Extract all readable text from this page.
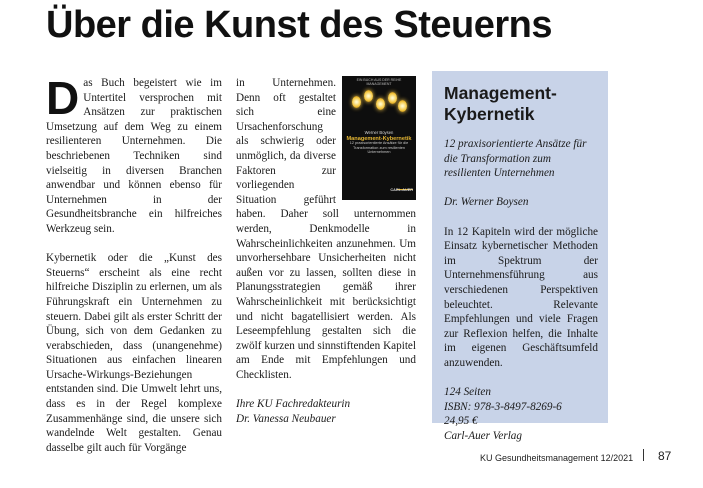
Über die Kunst des Steuerns

Das Buch begeistert wie im Untertitel versprochen mit Ansätzen zur praktischen Umsetzung auf dem Weg zu einem resilienteren Unternehmen. Die beschriebenen Techniken sind vielseitig in diversen Branchen anwendbar und können ebenso für Unternehmen in der Gesundheitsbranche ein hilfreiches Werkzeug sein.

Kybernetik oder die „Kunst des Steuerns“ erscheint als eine recht hilfreiche Disziplin zu erlernen, um als Führungskraft ein Unternehmen zu steuern. Dabei gilt als erster Schritt der Übung, sich von dem Gedanken zu verabschieden, dass (unangenehme) Situationen aus einfachen linearen Ursache-Wirkungs-Beziehungen entstanden sind. Die Umwelt lehrt uns, dass es in der Regel komplexe Zusammenhänge sind, die unsere sich wandelnde Welt gestalten. Genau dasselbe gilt auch für Vorgänge

EIN BUCH AUS DER REIHE MANAGEMENT
Werner Boysen
Management-Kybernetik
12 praxisorientierte Ansätze für die Transformation zum resilienten Unternehmen
CARL-AUER

in Unternehmen. Denn oft gestaltet sich eine Ursachenforschung als schwierig oder unmöglich, da diverse Faktoren zur vorliegenden Situation geführt haben. Daher soll unternommen werden, Denkmodelle in Wahrscheinlichkeiten anzunehmen. Um unvorhersehbare Unsicherheiten nicht außen vor zu lassen, sollten diese in Planungsstrategien gemäß ihrer Wahrscheinlichkeit mit berücksichtigt und nicht bagatellisiert werden. Als Leseempfehlung gestalten sich die zwölf kurzen und sinnstiftenden Kapitel am Ende mit Empfehlungen und Checklisten.

Ihre KU Fachredakteurin
Dr. Vanessa Neubauer
Management-Kybernetik
12 praxisorientierte Ansätze für die Transformation zum resilienten Unternehmen
Dr. Werner Boysen
In 12 Kapiteln wird der mögliche Einsatz kybernetischer Methoden im Spektrum der Unternehmensführung aus verschiedenen Perspektiven beleuchtet. Relevante Empfehlungen und viele Fragen zur Reflexion helfen, die Inhalte im eigenen Geschäftsumfeld anzuwenden.
124 Seiten
ISBN: 978-3-8497-8269-6
24,95 €
Carl-Auer Verlag
KU Gesundheitsmanagement 12/2021 87
